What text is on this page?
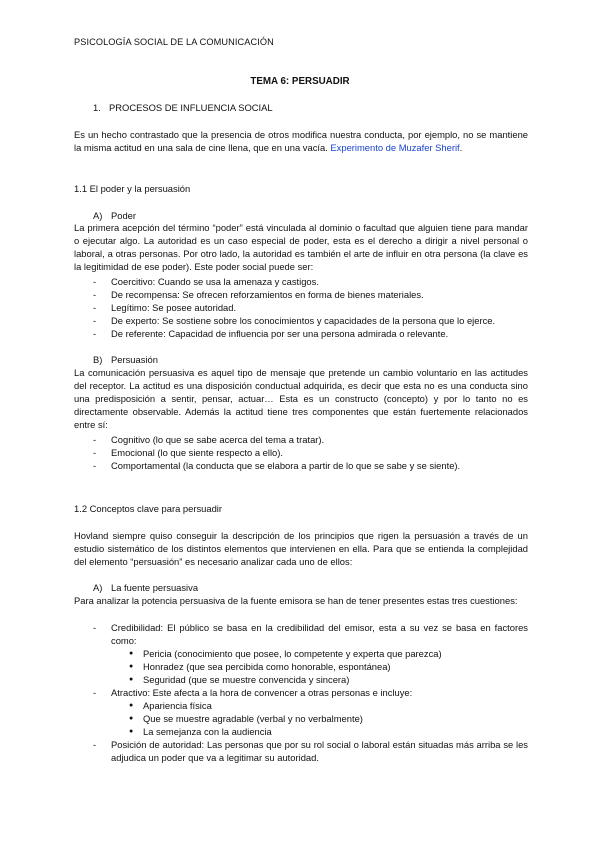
PSICOLOGÍA SOCIAL DE LA COMUNICACIÓN
TEMA 6: PERSUADIR
1. PROCESOS DE INFLUENCIA SOCIAL

Es un hecho contrastado que la presencia de otros modifica nuestra conducta, por ejemplo, no se mantiene la misma actitud en una sala de cine llena, que en una vacía. Experimento de Muzafer Sherif.

1.1 El poder y la persuasión
A) Poder

La primera acepción del término “poder” está vinculada al dominio o facultad que alguien tiene para mandar o ejecutar algo. La autoridad es un caso especial de poder, esta es el derecho a dirigir a nivel personal o laboral, a otras personas. Por otro lado, la autoridad es también el arte de influir en otra persona (la clave es la legitimidad de ese poder). Este poder social puede ser:

- Coercitivo: Cuando se usa la amenaza y castigos.
- De recompensa: Se ofrecen reforzamientos en forma de bienes materiales.
- Legítimo: Se posee autoridad.
- De experto: Se sostiene sobre los conocimientos y capacidades de la persona que lo ejerce.
- De referente: Capacidad de influencia por ser una persona admirada o relevante.
B) Persuasión

La comunicación persuasiva es aquel tipo de mensaje que pretende un cambio voluntario en las actitudes del receptor. La actitud es una disposición conductual adquirida, es decir que esta no es una conducta sino una predisposición a sentir, pensar, actuar… Esta es un constructo (concepto) y por lo tanto no es directamente observable. Además la actitud tiene tres componentes que están fuertemente relacionados entre sí:

- Cognitivo (lo que se sabe acerca del tema a tratar).
- Emocional (lo que siente respecto a ello).
- Comportamental (la conducta que se elabora a partir de lo que se sabe y se siente).
1.2 Conceptos clave para persuadir

Hovland siempre quiso conseguir la descripción de los principios que rigen la persuasión a través de un estudio sistemático de los distintos elementos que intervienen en ella. Para que se entienda la complejidad del elemento “persuasión” es necesario analizar cada uno de ellos:

A) La fuente persuasiva

Para analizar la potencia persuasiva de la fuente emisora se han de tener presentes estas tres cuestiones:

- Credibilidad: El público se basa en la credibilidad del emisor, esta a su vez se basa en factores como:
● Pericia (conocimiento que posee, lo competente y experta que parezca)
● Honradez (que sea percibida como honorable, espontánea)
● Seguridad (que se muestre convencida y sincera)
- Atractivo: Este afecta a la hora de convencer a otras personas e incluye:
● Apariencia física
● Que se muestre agradable (verbal y no verbalmente)
● La semejanza con la audiencia
- Posición de autoridad: Las personas que por su rol social o laboral están situadas más arriba se les adjudica un poder que va a legitimar su autoridad.
